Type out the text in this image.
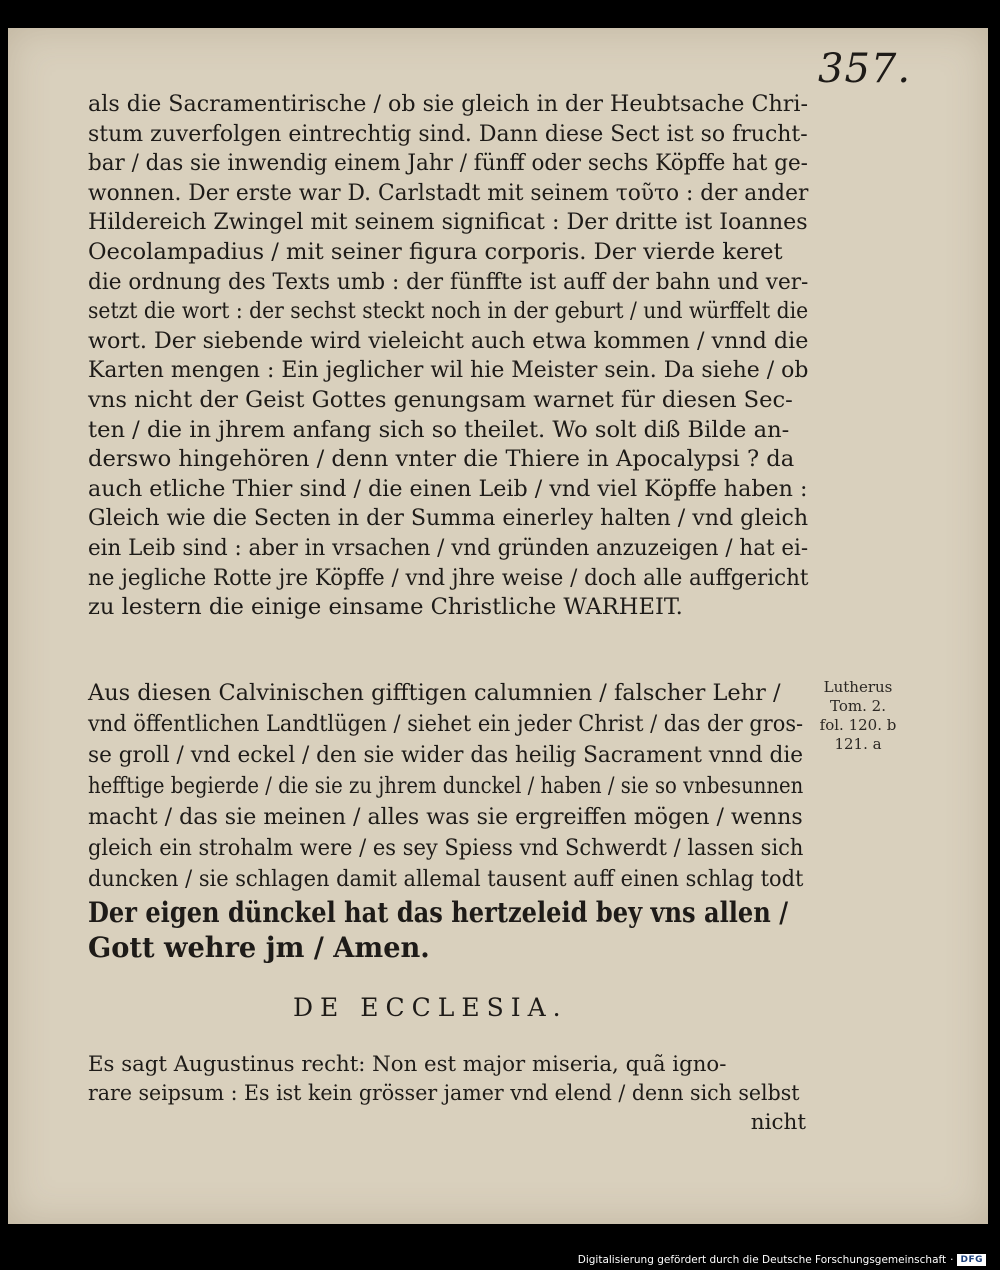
357.
als die Sacramentirische / ob sie gleich in der Heubtsache Chri-
stum zuverfolgen eintrechtig sind. Dann diese Sect ist so frucht-
bar / das sie inwendig einem Jahr / fünff oder sechs Köpffe hat ge-
wonnen. Der erste war D. Carlstadt mit seinem τοῦτο : der ander
Hildereich Zwingel mit seinem significat : Der dritte ist Ioannes
Oecolampadius / mit seiner figura corporis. Der vierde keret
die ordnung des Texts umb : der fünffte ist auff der bahn und ver-
setzt die wort : der sechst steckt noch in der geburt / und würffelt die
wort. Der siebende wird vieleicht auch etwa kommen / vnnd die
Karten mengen : Ein jeglicher wil hie Meister sein. Da siehe / ob
vns nicht der Geist Gottes genungsam warnet für diesen Sec-
ten / die in jhrem anfang sich so theilet. Wo solt diß Bilde an-
derswo hingehören / denn vnter die Thiere in Apocalypsi ? da
auch etliche Thier sind / die einen Leib / vnd viel Köpffe haben :
Gleich wie die Secten in der Summa einerley halten / vnd gleich
ein Leib sind : aber in vrsachen / vnd gründen anzuzeigen / hat ei-
ne jegliche Rotte jre Köpffe / vnd jhre weise / doch alle auffgericht
zu lestern die einige einsame Christliche WARHEIT.
Aus diesen Calvinischen gifftigen calumnien / falscher Lehr /
vnd öffentlichen Landtlügen / siehet ein jeder Christ / das der gros-
se groll / vnd eckel / den sie wider das heilig Sacrament vnnd die
hefftige begierde / die sie zu jhrem dunckel / haben / sie so vnbesunnen
macht / das sie meinen / alles was sie ergreiffen mögen / wenns
gleich ein strohalm were / es sey Spiess vnd Schwerdt / lassen sich
duncken / sie schlagen damit allemal tausent auff einen schlag todt
Der eigen dünckel hat das hertzeleid bey vns allen /
Gott wehre jm / Amen.
Lutherus
Tom. 2.
fol. 120. b
121. a
DE ECCLESIA.
Es sagt Augustinus recht: Non est major miseria, quã igno-
rare seipsum : Es ist kein grösser jamer vnd elend / denn sich selbst
nicht
Digitalisierung gefördert durch die Deutsche Forschungsgemeinschaft · DFG
